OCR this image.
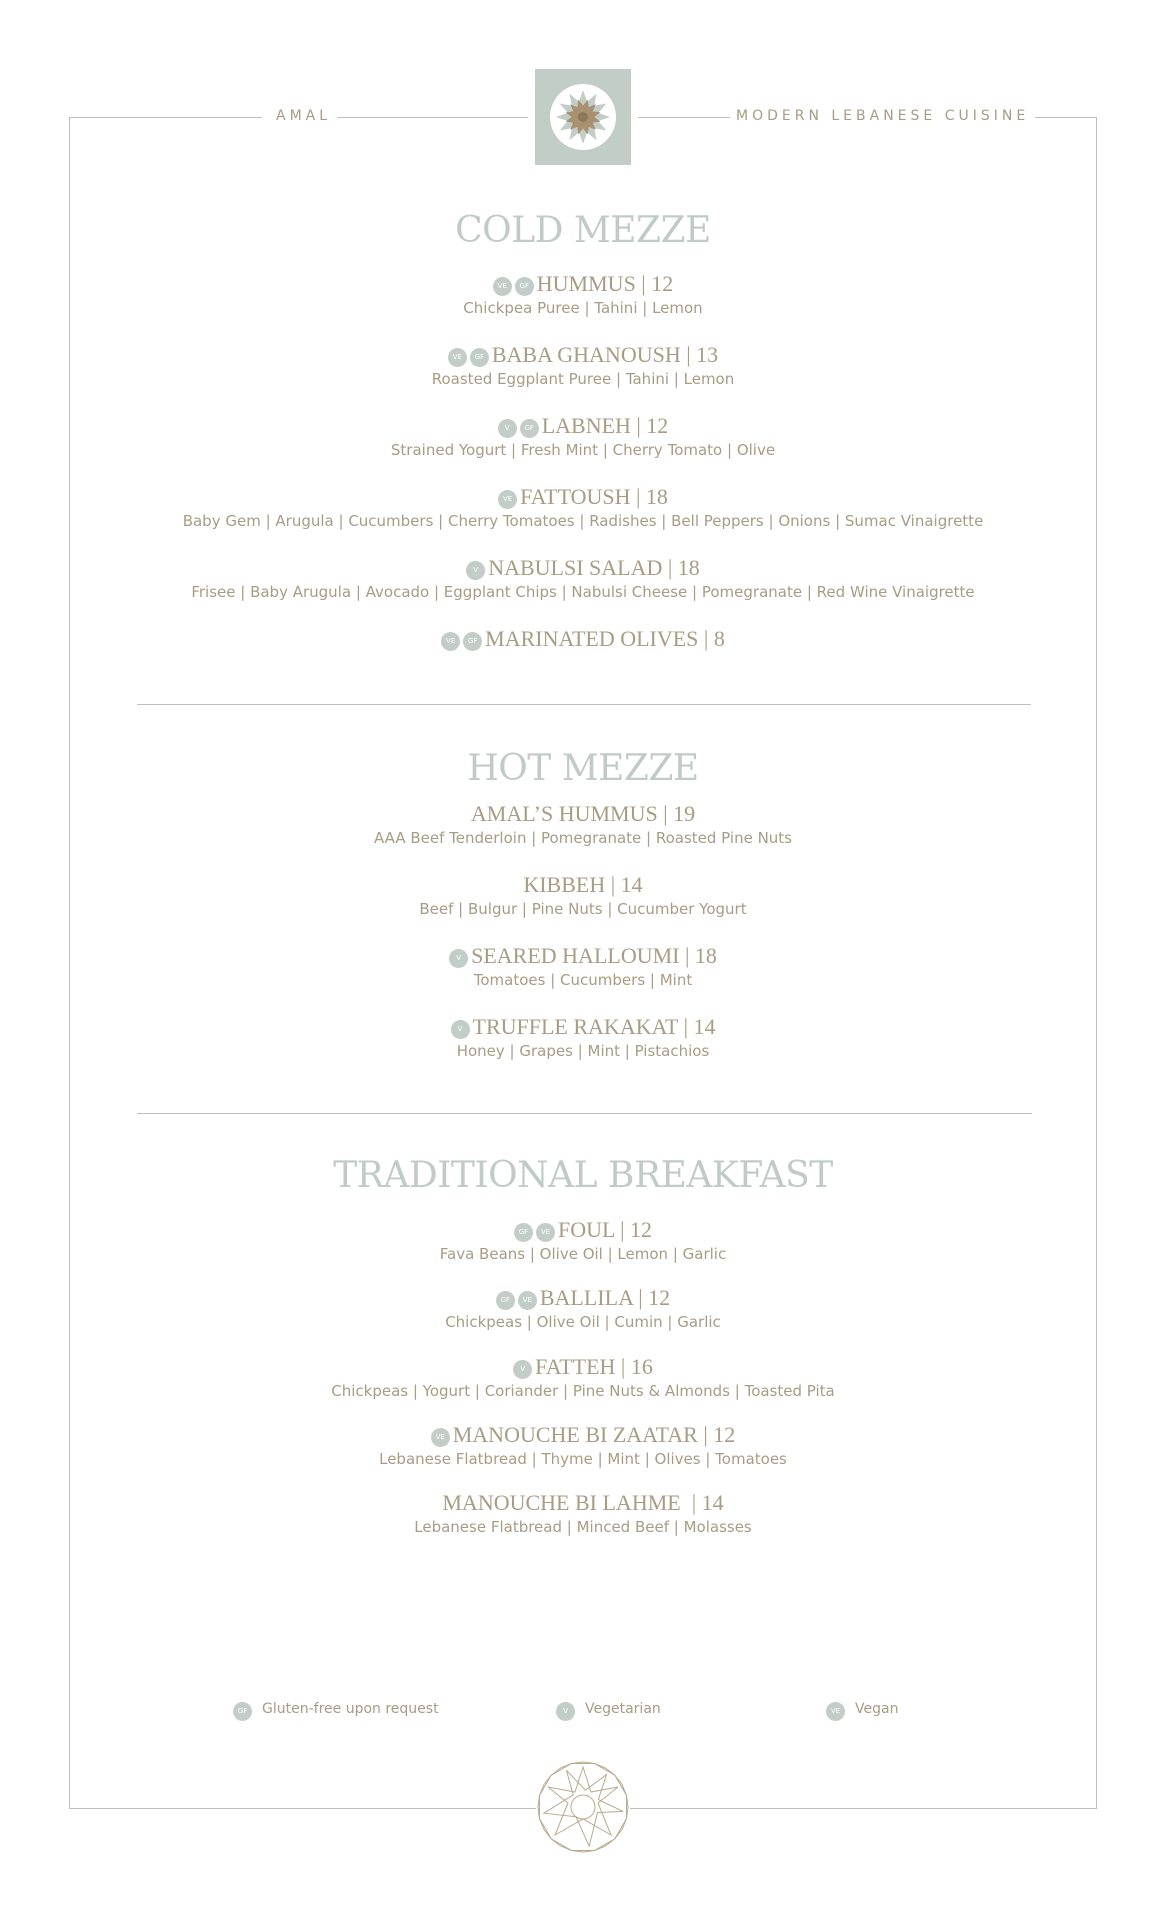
AMAL	MODERN LEBANESE CUISINE
COLD MEZZE
VE GF HUMMUS | 12
Chickpea Puree | Tahini | Lemon
VE GF BABA GHANOUSH | 13
Roasted Eggplant Puree | Tahini | Lemon
V GF LABNEH | 12
Strained Yogurt | Fresh Mint | Cherry Tomato | Olive
VE FATTOUSH | 18
Baby Gem | Arugula | Cucumbers | Cherry Tomatoes | Radishes | Bell Peppers | Onions | Sumac Vinaigrette
V NABULSI SALAD | 18
Frisee | Baby Arugula | Avocado | Eggplant Chips | Nabulsi Cheese | Pomegranate | Red Wine Vinaigrette
VE GF MARINATED OLIVES | 8
HOT MEZZE
AMAL’S HUMMUS | 19
AAA Beef Tenderloin | Pomegranate | Roasted Pine Nuts
KIBBEH | 14
Beef | Bulgur | Pine Nuts | Cucumber Yogurt
V SEARED HALLOUMI | 18
Tomatoes | Cucumbers | Mint
V TRUFFLE RAKAKAT | 14
Honey | Grapes | Mint | Pistachios
TRADITIONAL BREAKFAST
GF VE FOUL | 12
Fava Beans | Olive Oil | Lemon | Garlic
GF VE BALLILA | 12
Chickpeas | Olive Oil | Cumin | Garlic
V FATTEH | 16
Chickpeas | Yogurt | Coriander | Pine Nuts & Almonds | Toasted Pita
VE MANOUCHE BI ZAATAR | 12
Lebanese Flatbread | Thyme | Mint | Olives | Tomatoes
MANOUCHE BI LAHME  | 14
Lebanese Flatbread | Minced Beef | Molasses
GF Gluten-free upon request	V Vegetarian	VE Vegan
